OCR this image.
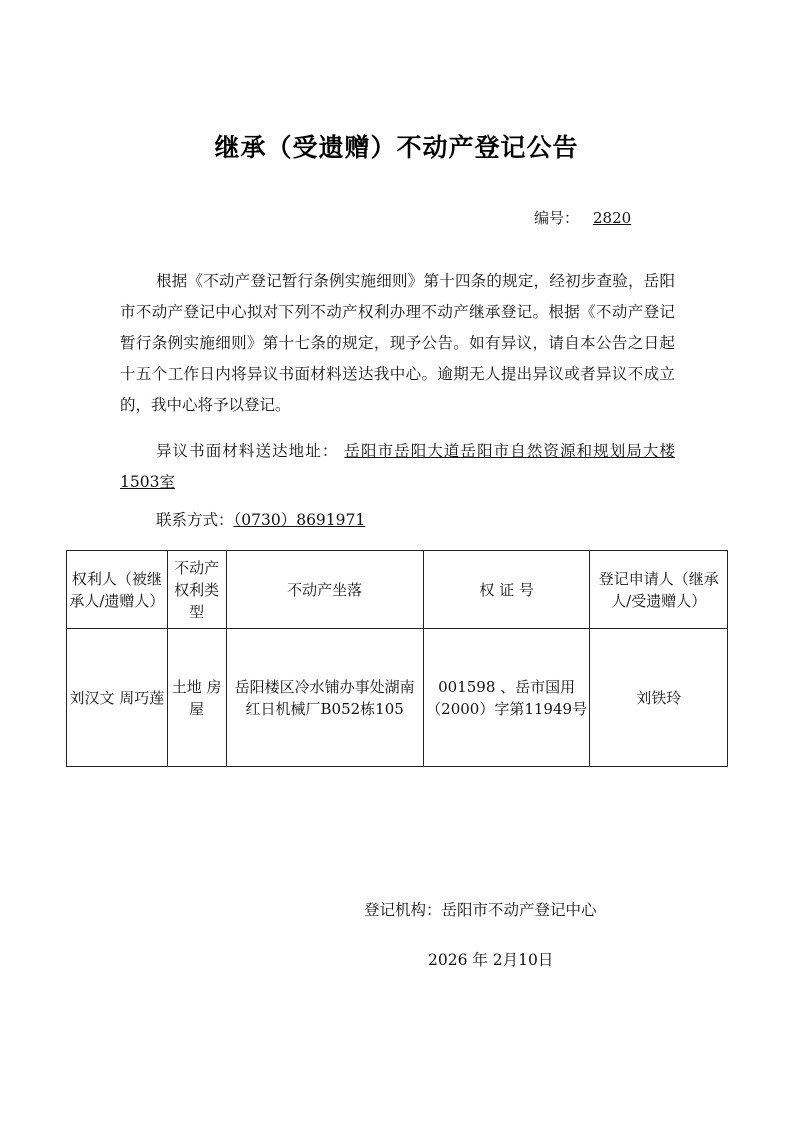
继承（受遗赠）不动产登记公告
编号： 2820
根据《不动产登记暂行条例实施细则》第十四条的规定，经初步查验，岳阳市不动产登记中心拟对下列不动产权利办理不动产继承登记。根据《不动产登记暂行条例实施细则》第十七条的规定，现予公告。如有异议，请自本公告之日起十五个工作日内将异议书面材料送达我中心。逾期无人提出异议或者异议不成立的，我中心将予以登记。
异议书面材料送达地址： 岳阳市岳阳大道岳阳市自然资源和规划局大楼1503室
联系方式：（0730）8691971
权利人（被继承人/遗赠人）	不动产权利类型	不动产坐落	权 证 号	登记申请人（继承人/受遗赠人）
刘汉文 周巧莲	土地 房屋	岳阳楼区冷水铺办事处湖南红日机械厂B052栋105	001598 、岳市国用（2000）字第11949号	刘铁玲
登记机构：岳阳市不动产登记中心
2026 年 2月10日
